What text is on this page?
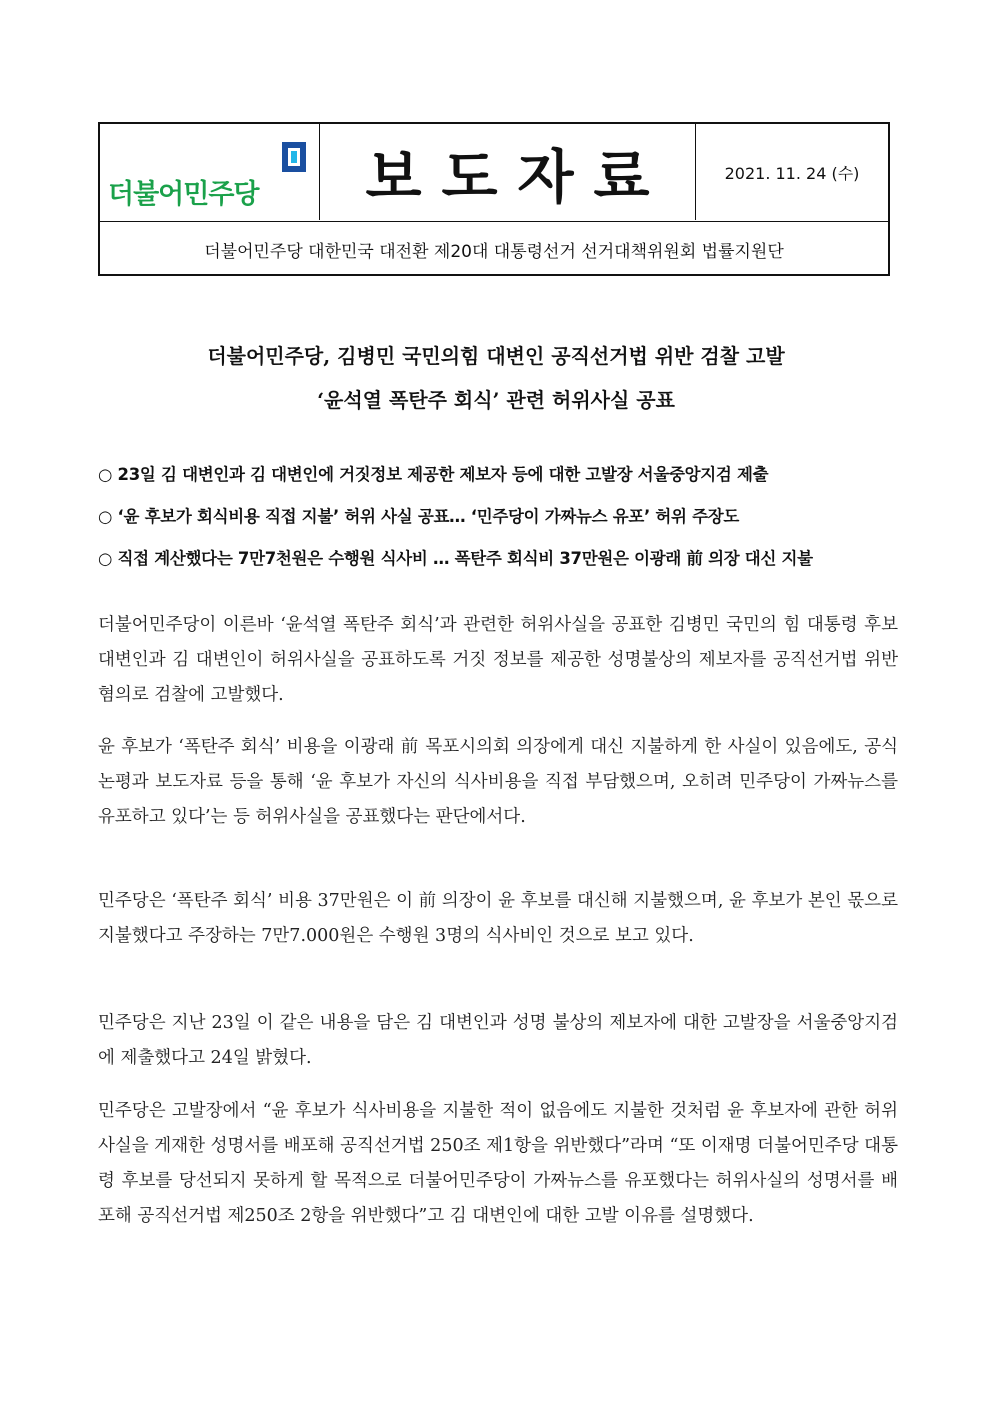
더불어민주당	보도자료	2021. 11. 24 (수)
더불어민주당 대한민국 대전환 제20대 대통령선거 선거대책위원회 법률지원단
더불어민주당, 김병민 국민의힘 대변인 공직선거법 위반 검찰 고발
‘윤석열 폭탄주 회식’ 관련 허위사실 공표
○ 23일 김 대변인과 김 대변인에 거짓정보 제공한 제보자 등에 대한 고발장 서울중앙지검 제출
○ ‘윤 후보가 회식비용 직접 지불’ 허위 사실 공표… ‘민주당이 가짜뉴스 유포’ 허위 주장도
○ 직접 계산했다는 7만7천원은 수행원 식사비 … 폭탄주 회식비 37만원은 이광래 前 의장 대신 지불
더불어민주당이 이른바 ‘윤석열 폭탄주 회식’과 관련한 허위사실을 공표한 김병민 국민의 힘 대통령 후보 대변인과 김 대변인이 허위사실을 공표하도록 거짓 정보를 제공한 성명불상의 제보자를 공직선거법 위반 혐의로 검찰에 고발했다.
윤 후보가 ‘폭탄주 회식’ 비용을 이광래 前 목포시의회 의장에게 대신 지불하게 한 사실이 있음에도, 공식 논평과 보도자료 등을 통해 ‘윤 후보가 자신의 식사비용을 직접 부담했으며, 오히려 민주당이 가짜뉴스를 유포하고 있다’는 등 허위사실을 공표했다는 판단에서다.
민주당은 ‘폭탄주 회식’ 비용 37만원은 이 前 의장이 윤 후보를 대신해 지불했으며, 윤 후보가 본인 몫으로 지불했다고 주장하는 7만7.000원은 수행원 3명의 식사비인 것으로 보고 있다.
민주당은 지난 23일 이 같은 내용을 담은 김 대변인과 성명 불상의 제보자에 대한 고발장을 서울중앙지검에 제출했다고 24일 밝혔다.
민주당은 고발장에서 “윤 후보가 식사비용을 지불한 적이 없음에도 지불한 것처럼 윤 후보자에 관한 허위사실을 게재한 성명서를 배포해 공직선거법 250조 제1항을 위반했다”라며 “또 이재명 더불어민주당 대통령 후보를 당선되지 못하게 할 목적으로 더불어민주당이 가짜뉴스를 유포했다는 허위사실의 성명서를 배포해 공직선거법 제250조 2항을 위반했다”고 김 대변인에 대한 고발 이유를 설명했다.
